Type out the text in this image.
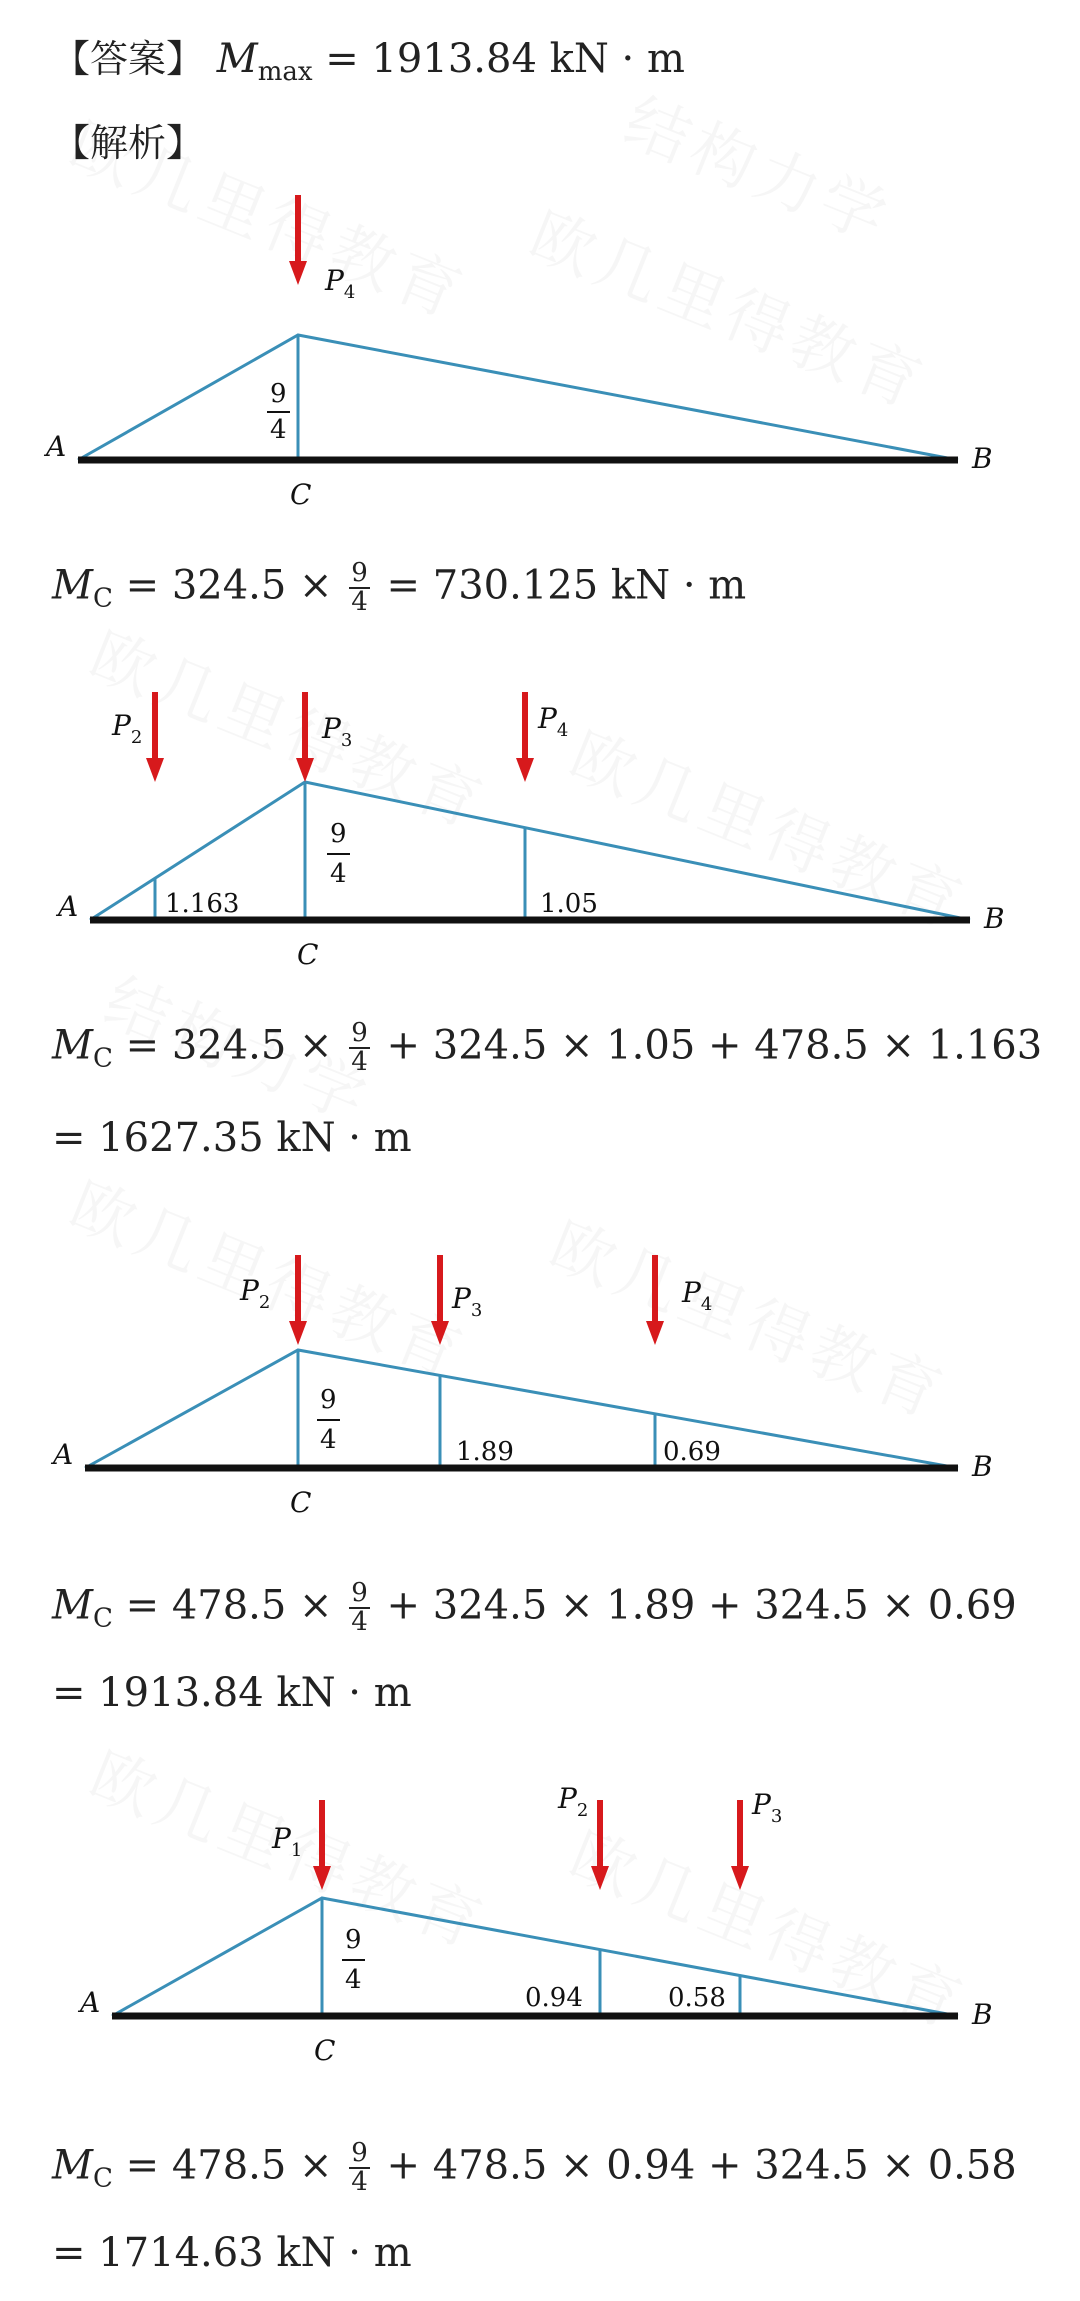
【答案】 $M_{max} = 1913.84$ kN · m
【解析】
A	B
C
9
4
$P_4$
A	B
C
9
4
1.163	1.05
$P_2$	$P_3$
$P_4$
A	B
C
9
4	1.89	0.69
$P_2$	$P_3$
$P_4$
A	B
C
9
4
0.94	0.58
$P_1$
$P_2$	$P_3$
$M_C = 324.5 \times \frac{9}{4} = 730.125$ kN · m
$M_C = 324.5 \times \frac{9}{4} + 324.5 \times 1.05 + 478.5 \times 1.163$
= 1627.35 kN · m
$M_C = 478.5 \times \frac{9}{4} + 324.5 \times 1.89 + 324.5 \times 0.69$
= 1913.84 kN · m
$M_C = 478.5 \times \frac{9}{4} + 478.5 \times 0.94 + 324.5 \times 0.58$
= 1714.63 kN · m
